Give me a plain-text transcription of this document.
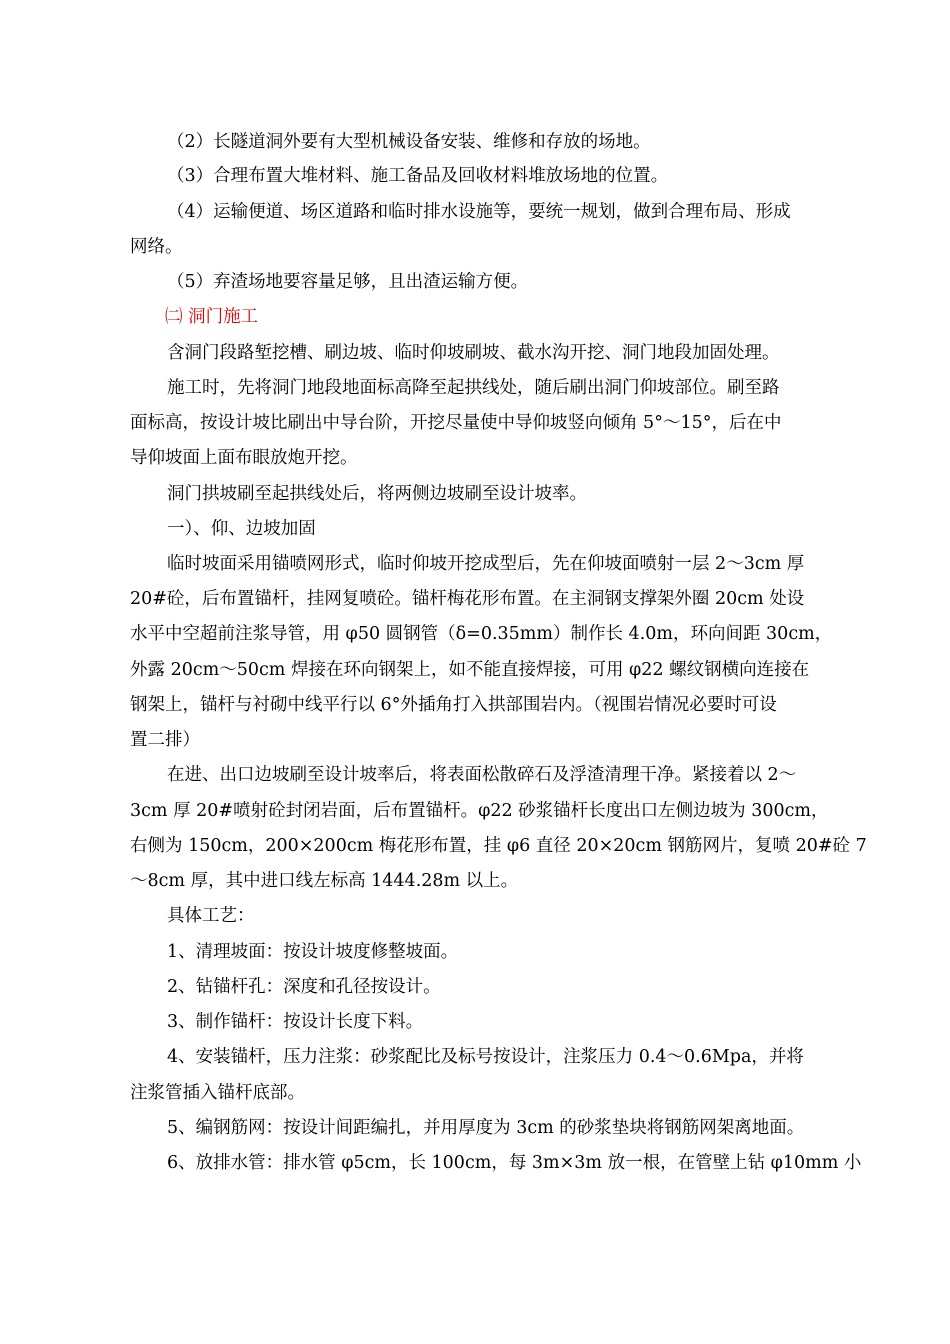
（2）长隧道洞外要有大型机械设备安装、维修和存放的场地。
（3）合理布置大堆材料、施工备品及回收材料堆放场地的位置。
（4）运输便道、场区道路和临时排水设施等，要统一规划，做到合理布局、形成
网络。
（5）弃渣场地要容量足够，且出渣运输方便。
㈡ 洞门施工
含洞门段路堑挖槽、刷边坡、临时仰坡刷坡、截水沟开挖、洞门地段加固处理。
施工时，先将洞门地段地面标高降至起拱线处，随后刷出洞门仰坡部位。刷至路
面标高，按设计坡比刷出中导台阶，开挖尽量使中导仰坡竖向倾角 5°～15°，后在中
导仰坡面上面布眼放炮开挖。
洞门拱坡刷至起拱线处后，将两侧边坡刷至设计坡率。
一）、仰、边坡加固
临时坡面采用锚喷网形式，临时仰坡开挖成型后，先在仰坡面喷射一层 2～3cm 厚
20#砼，后布置锚杆，挂网复喷砼。锚杆梅花形布置。在主洞钢支撑架外圈 20cm 处设
水平中空超前注浆导管，用 φ50 圆钢管（δ=0.35mm）制作长 4.0m，环向间距 30cm，
外露 20cm～50cm 焊接在环向钢架上，如不能直接焊接，可用 φ22 螺纹钢横向连接在
钢架上，锚杆与衬砌中线平行以 6°外插角打入拱部围岩内。（视围岩情况必要时可设
置二排）
在进、出口边坡刷至设计坡率后，将表面松散碎石及浮渣清理干净。紧接着以 2～
3cm 厚 20#喷射砼封闭岩面，后布置锚杆。φ22 砂浆锚杆长度出口左侧边坡为 300cm，
右侧为 150cm，200×200cm 梅花形布置，挂 φ6 直径 20×20cm 钢筋网片，复喷 20#砼 7
～8cm 厚，其中进口线左标高 1444.28m 以上。
具体工艺：
1、清理坡面：按设计坡度修整坡面。
2、钻锚杆孔：深度和孔径按设计。
3、制作锚杆：按设计长度下料。
4、安装锚杆，压力注浆：砂浆配比及标号按设计，注浆压力 0.4～0.6Mpa，并将
注浆管插入锚杆底部。
5、编钢筋网：按设计间距编扎，并用厚度为 3cm 的砂浆垫块将钢筋网架离地面。
6、放排水管：排水管 φ5cm，长 100cm，每 3m×3m 放一根，在管壁上钻 φ10mm 小
